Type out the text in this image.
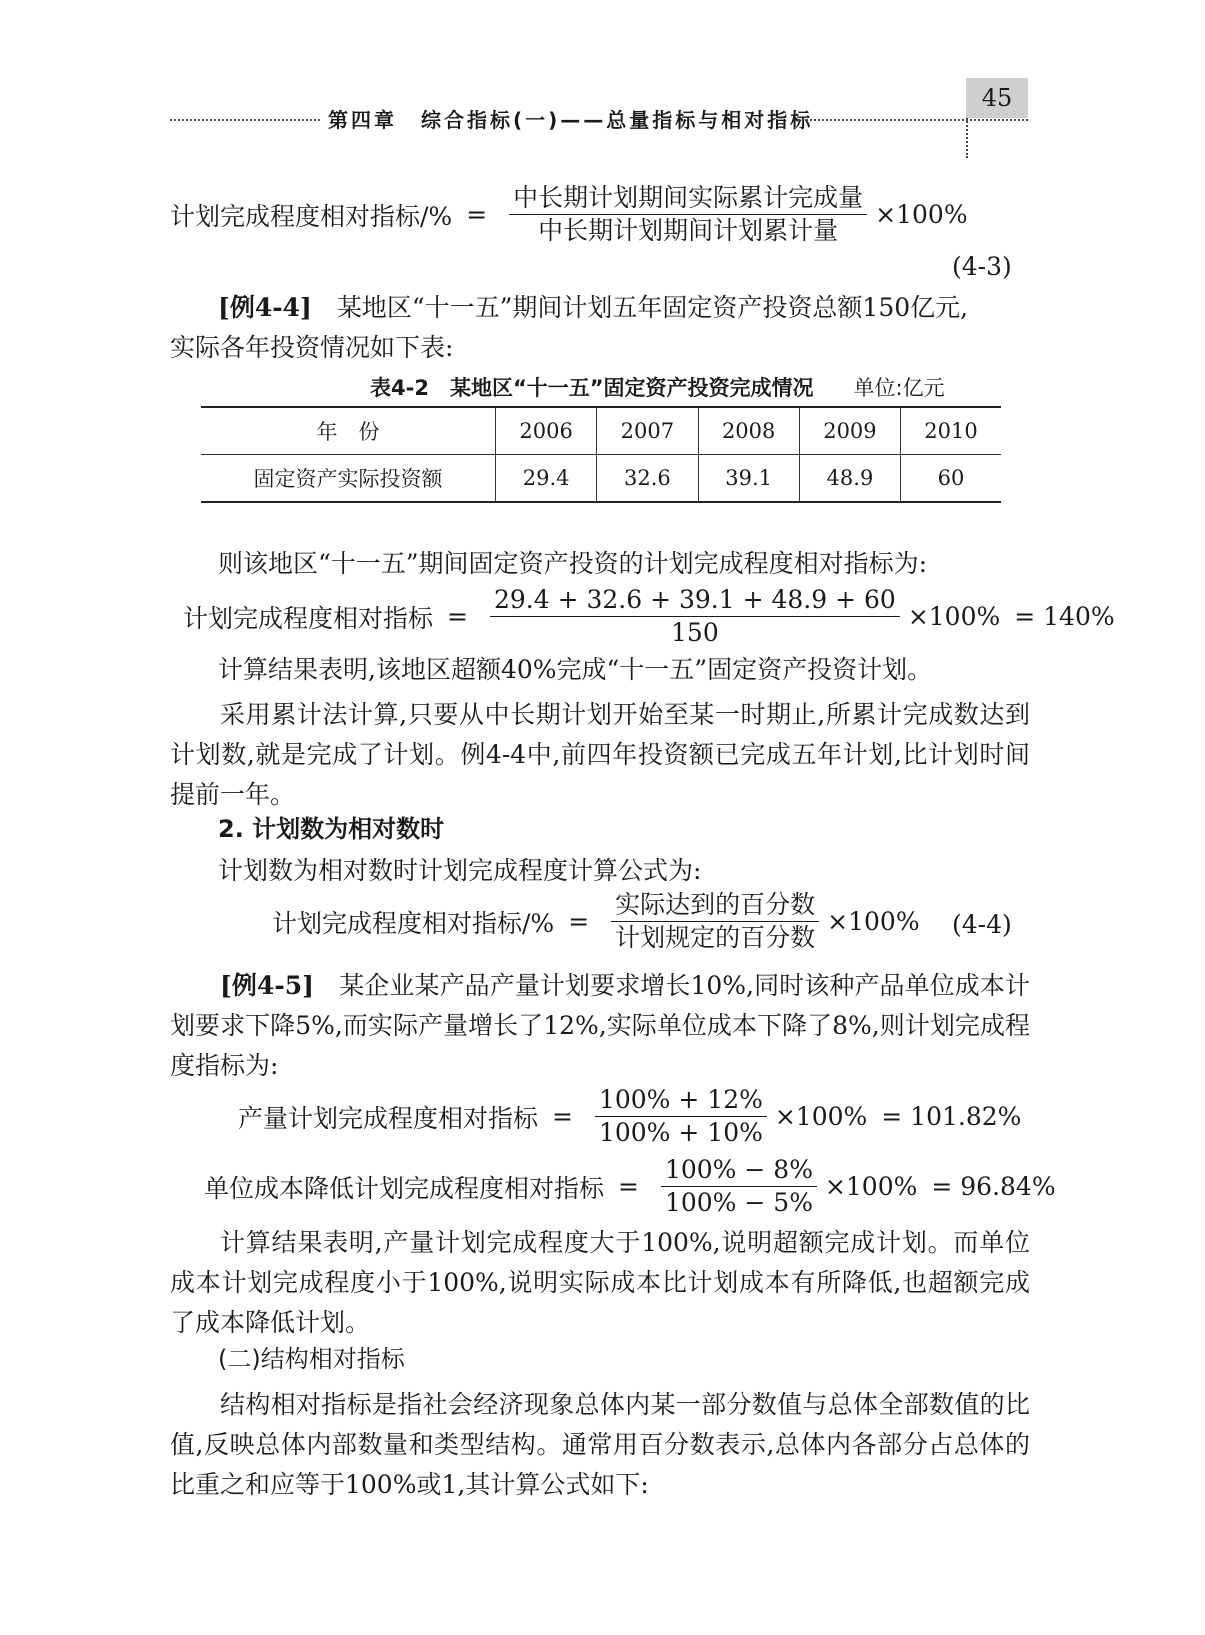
45
第四章 综合指标(一)——总量指标与相对指标
计划完成程度相对指标/% = $\frac{\text{中长期计划期间实际累计完成量}}{\text{中长期计划期间计划累计量}} \times 100\%$
(4-3)
[例4-4]　 某地区“十一五”期间计划五年固定资产投资总额150亿元,
实际各年投资情况如下表:
表4-2　某地区“十一五”固定资产投资完成情况 单位:亿元
年　份	2006	2007	2008	2009	2010
固定资产实际投资额	29.4	32.6	39.1	48.9	60
则该地区“十一五”期间固定资产投资的计划完成程度相对指标为:
计划完成程度相对指标 = $\frac{29.4 + 32.6 + 39.1 + 48.9 + 60}{150} \times 100\% = 140\%$
计算结果表明,该地区超额40%完成“十一五”固定资产投资计划。
采用累计法计算,只要从中长期计划开始至某一时期止,所累计完成数达到计划数,就是完成了计划。例4-4中,前四年投资额已完成五年计划,比计划时间提前一年。
2. 计划数为相对数时
计划数为相对数时计划完成程度计算公式为:
计划完成程度相对指标/% = $\frac{\text{实际达到的百分数}}{\text{计划规定的百分数}} \times 100\%$ (4-4)
[例4-5]　 某企业某产品产量计划要求增长10%,同时该种产品单位成本计划要求下降5%,而实际产量增长了12%,实际单位成本下降了8%,则计划完成程度指标为:
产量计划完成程度相对指标 = $\frac{100\% + 12\%}{100\% + 10\%} \times 100\% = 101.82\%$
单位成本降低计划完成程度相对指标 = $\frac{100\% - 8\%}{100\% - 5\%} \times 100\% = 96.84\%$
计算结果表明,产量计划完成程度大于100%,说明超额完成计划。而单位成本计划完成程度小于100%,说明实际成本比计划成本有所降低,也超额完成了成本降低计划。
(二)结构相对指标
结构相对指标是指社会经济现象总体内某一部分数值与总体全部数值的比值,反映总体内部数量和类型结构。通常用百分数表示,总体内各部分占总体的比重之和应等于100%或1,其计算公式如下:
